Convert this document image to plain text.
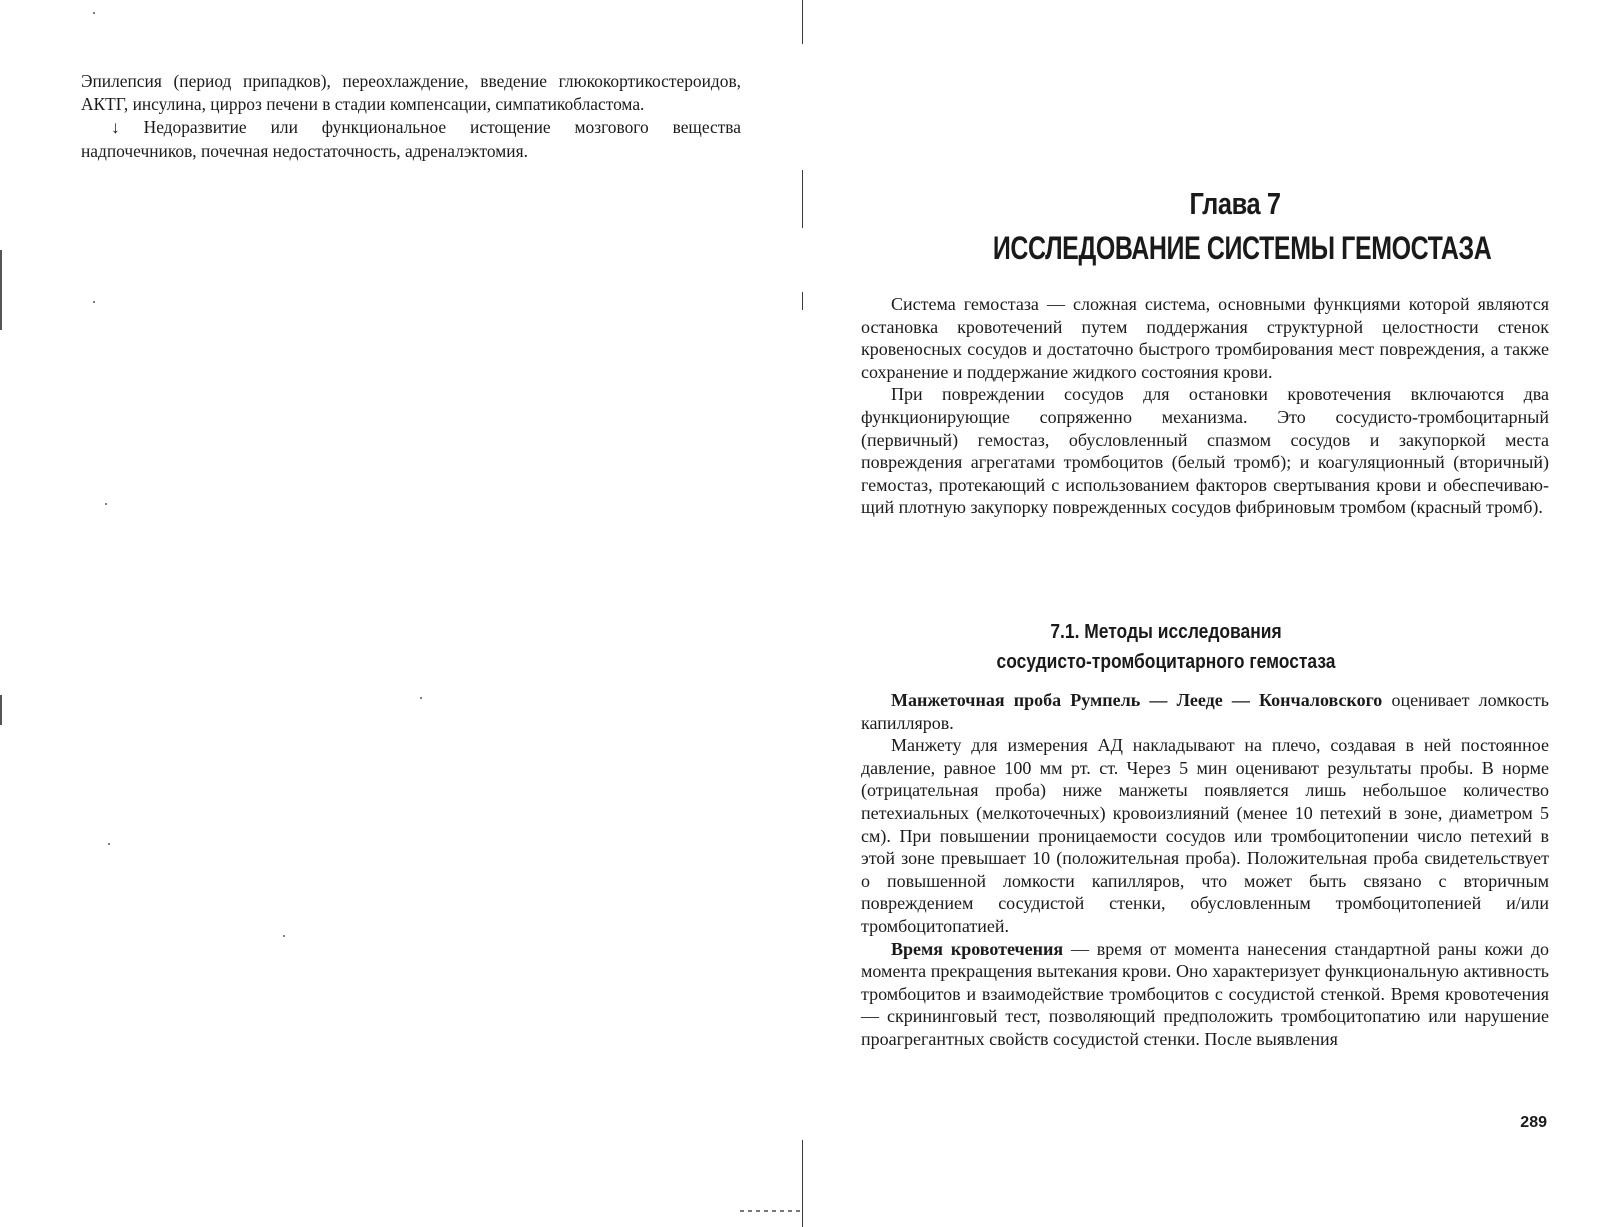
Эпилепсия (период припадков), переохлаждение, введение глюкокортикостероидов, АКТГ, инсулина, цирроз печени в стадии компенсации, симпатикобластома.

↓ Недоразвитие или функциональное истощение мозгового вещества надпочечников, почечная недостаточность, адреналэктомия.

Глава 7
ИССЛЕДОВАНИЕ СИСТЕМЫ ГЕМОСТАЗА

Система гемостаза — сложная система, основными функциями которой являются остановка кровотечений путем поддержания структурной целостности стенок кровеносных сосудов и достаточно быстрого тромбирования мест повреждения, а также сохранение и поддержание жидкого состояния крови.

При повреждении сосудов для остановки кровотечения включаются два функционирующие сопряженно механизма. Это сосудисто-тромбоцитарный (первичный) гемостаз, обусловленный спазмом сосудов и закупоркой места повреждения агрегатами тромбоцитов (белый тромб); и коагуляционный (вторичный) гемостаз, протекающий с использованием факторов свертывания крови и обеспечивающий плотную закупорку поврежденных сосудов фибриновым тромбом (красный тромб).

7.1. Методы исследования
сосудисто-тромбоцитарного гемостаза

Манжеточная проба Румпель — Лееде — Кончаловского оценивает ломкость капилляров.

Манжету для измерения АД накладывают на плечо, создавая в ней постоянное давление, равное 100 мм рт. ст. Через 5 мин оценивают результаты пробы. В норме (отрицательная проба) ниже манжеты появляется лишь небольшое количество петехиальных (мелкоточечных) кровоизлияний (менее 10 петехий в зоне, диаметром 5 см). При повышении проницаемости сосудов или тромбоцитопении число петехий в этой зоне превышает 10 (положительная проба). Положительная проба свидетельствует о повышенной ломкости капилляров, что может быть связано с вторичным повреждением сосудистой стенки, обусловленным тромбоцитопенией и/или тромбоцитопатией.

Время кровотечения — время от момента нанесения стандартной раны кожи до момента прекращения вытекания крови. Оно характеризует функциональную активность тромбоцитов и взаимодействие тромбоцитов с сосудистой стенкой. Время кровотечения — скрининговый тест, позволяющий предположить тромбоцитопатию или нарушение проагрегантных свойств сосудистой стенки. После выявления

289
